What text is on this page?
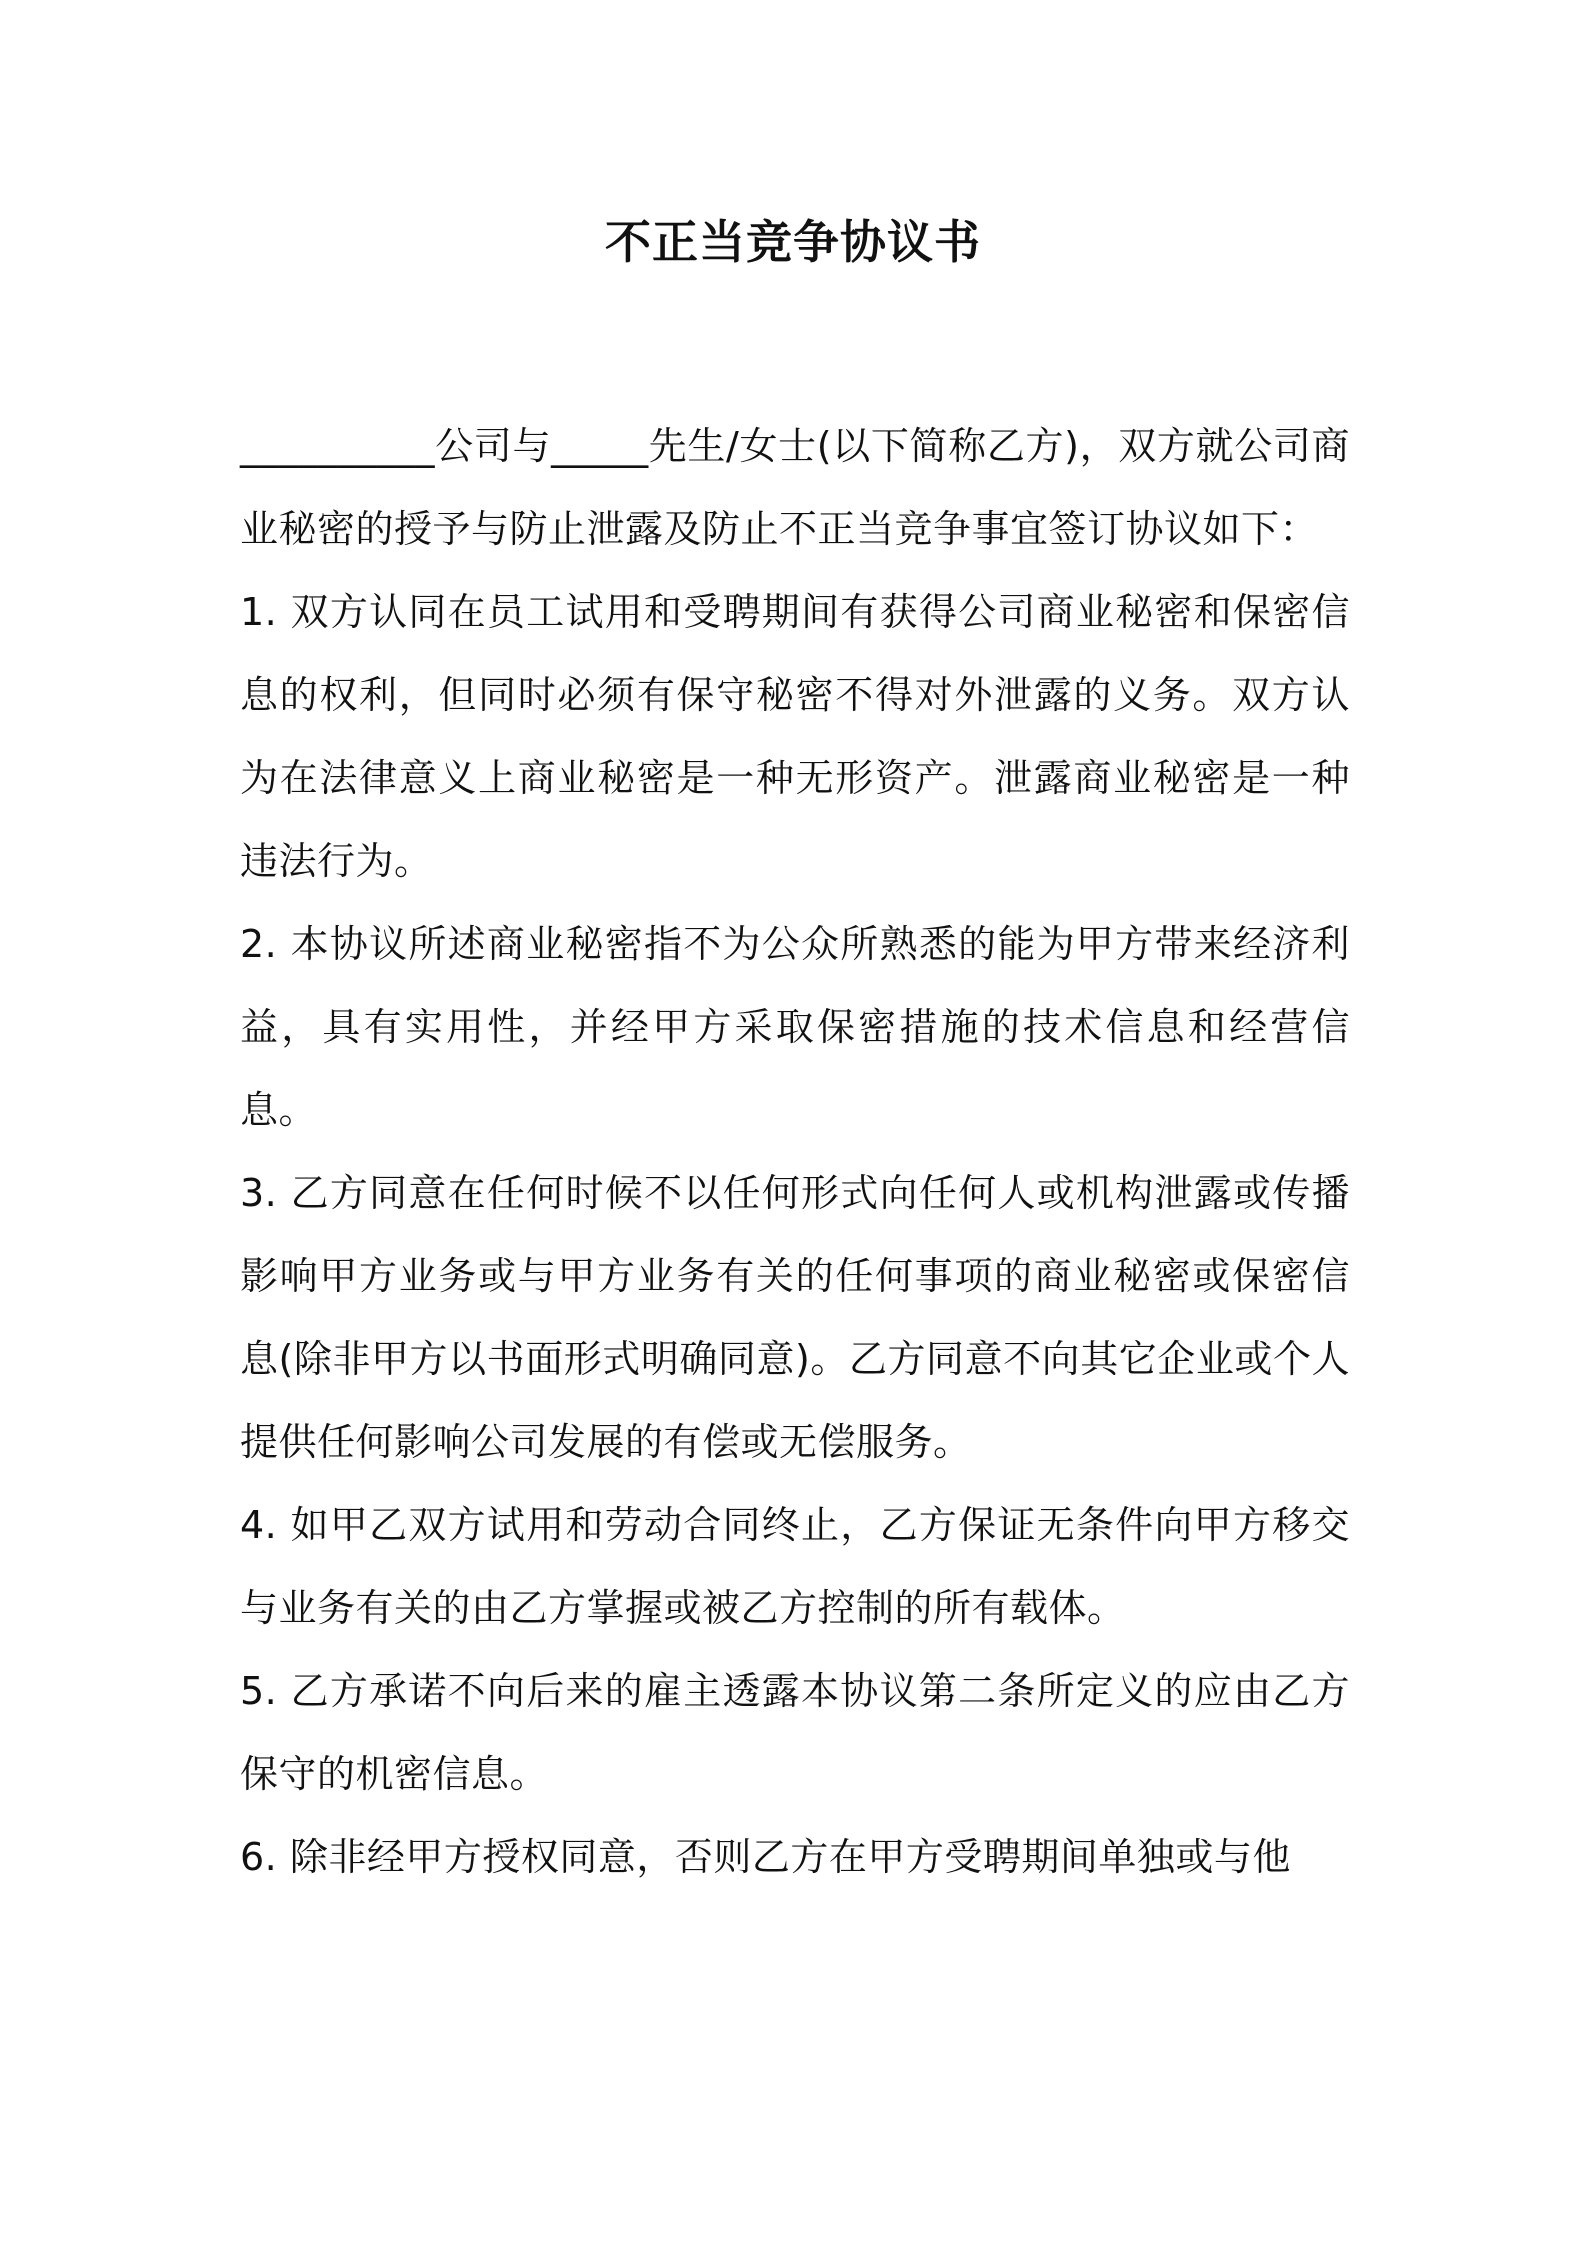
不正当竞争协议书

__________公司与_____先生/女士(以下简称乙方)，双方就公司商业秘密的授予与防止泄露及防止不正当竞争事宜签订协议如下：

1. 双方认同在员工试用和受聘期间有获得公司商业秘密和保密信息的权利，但同时必须有保守秘密不得对外泄露的义务。双方认为在法律意义上商业秘密是一种无形资产。泄露商业秘密是一种违法行为。

2. 本协议所述商业秘密指不为公众所熟悉的能为甲方带来经济利益，具有实用性，并经甲方采取保密措施的技术信息和经营信息。

3. 乙方同意在任何时候不以任何形式向任何人或机构泄露或传播影响甲方业务或与甲方业务有关的任何事项的商业秘密或保密信息(除非甲方以书面形式明确同意)。乙方同意不向其它企业或个人提供任何影响公司发展的有偿或无偿服务。

4. 如甲乙双方试用和劳动合同终止，乙方保证无条件向甲方移交与业务有关的由乙方掌握或被乙方控制的所有载体。

5. 乙方承诺不向后来的雇主透露本协议第二条所定义的应由乙方保守的机密信息。

6. 除非经甲方授权同意，否则乙方在甲方受聘期间单独或与他
